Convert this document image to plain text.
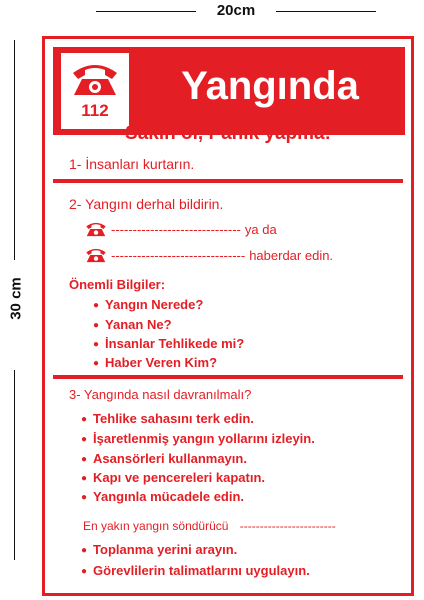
20cm
30 cm
112
Yangında
Sakin ol, Panik yapma!
1- İnsanları kurtarın.
2- Yangını derhal bildirin.
------------------------------ ya da
------------------------------- haberdar edin.
Önemli Bilgiler:
● Yangın Nerede?
● Yanan Ne?
● İnsanlar Tehlikede mi?
● Haber Veren Kim?
3- Yangında nasıl davranılmalı?
● Tehlike sahasını terk edin.
● İşaretlenmiş yangın yollarını izleyin.
● Asansörleri kullanmayın.
● Kapı ve pencereleri kapatın.
● Yangınla mücadele edin.
En yakın yangın söndürücü ------------------------
● Toplanma yerini arayın.
● Görevlilerin talimatlarını uygulayın.
